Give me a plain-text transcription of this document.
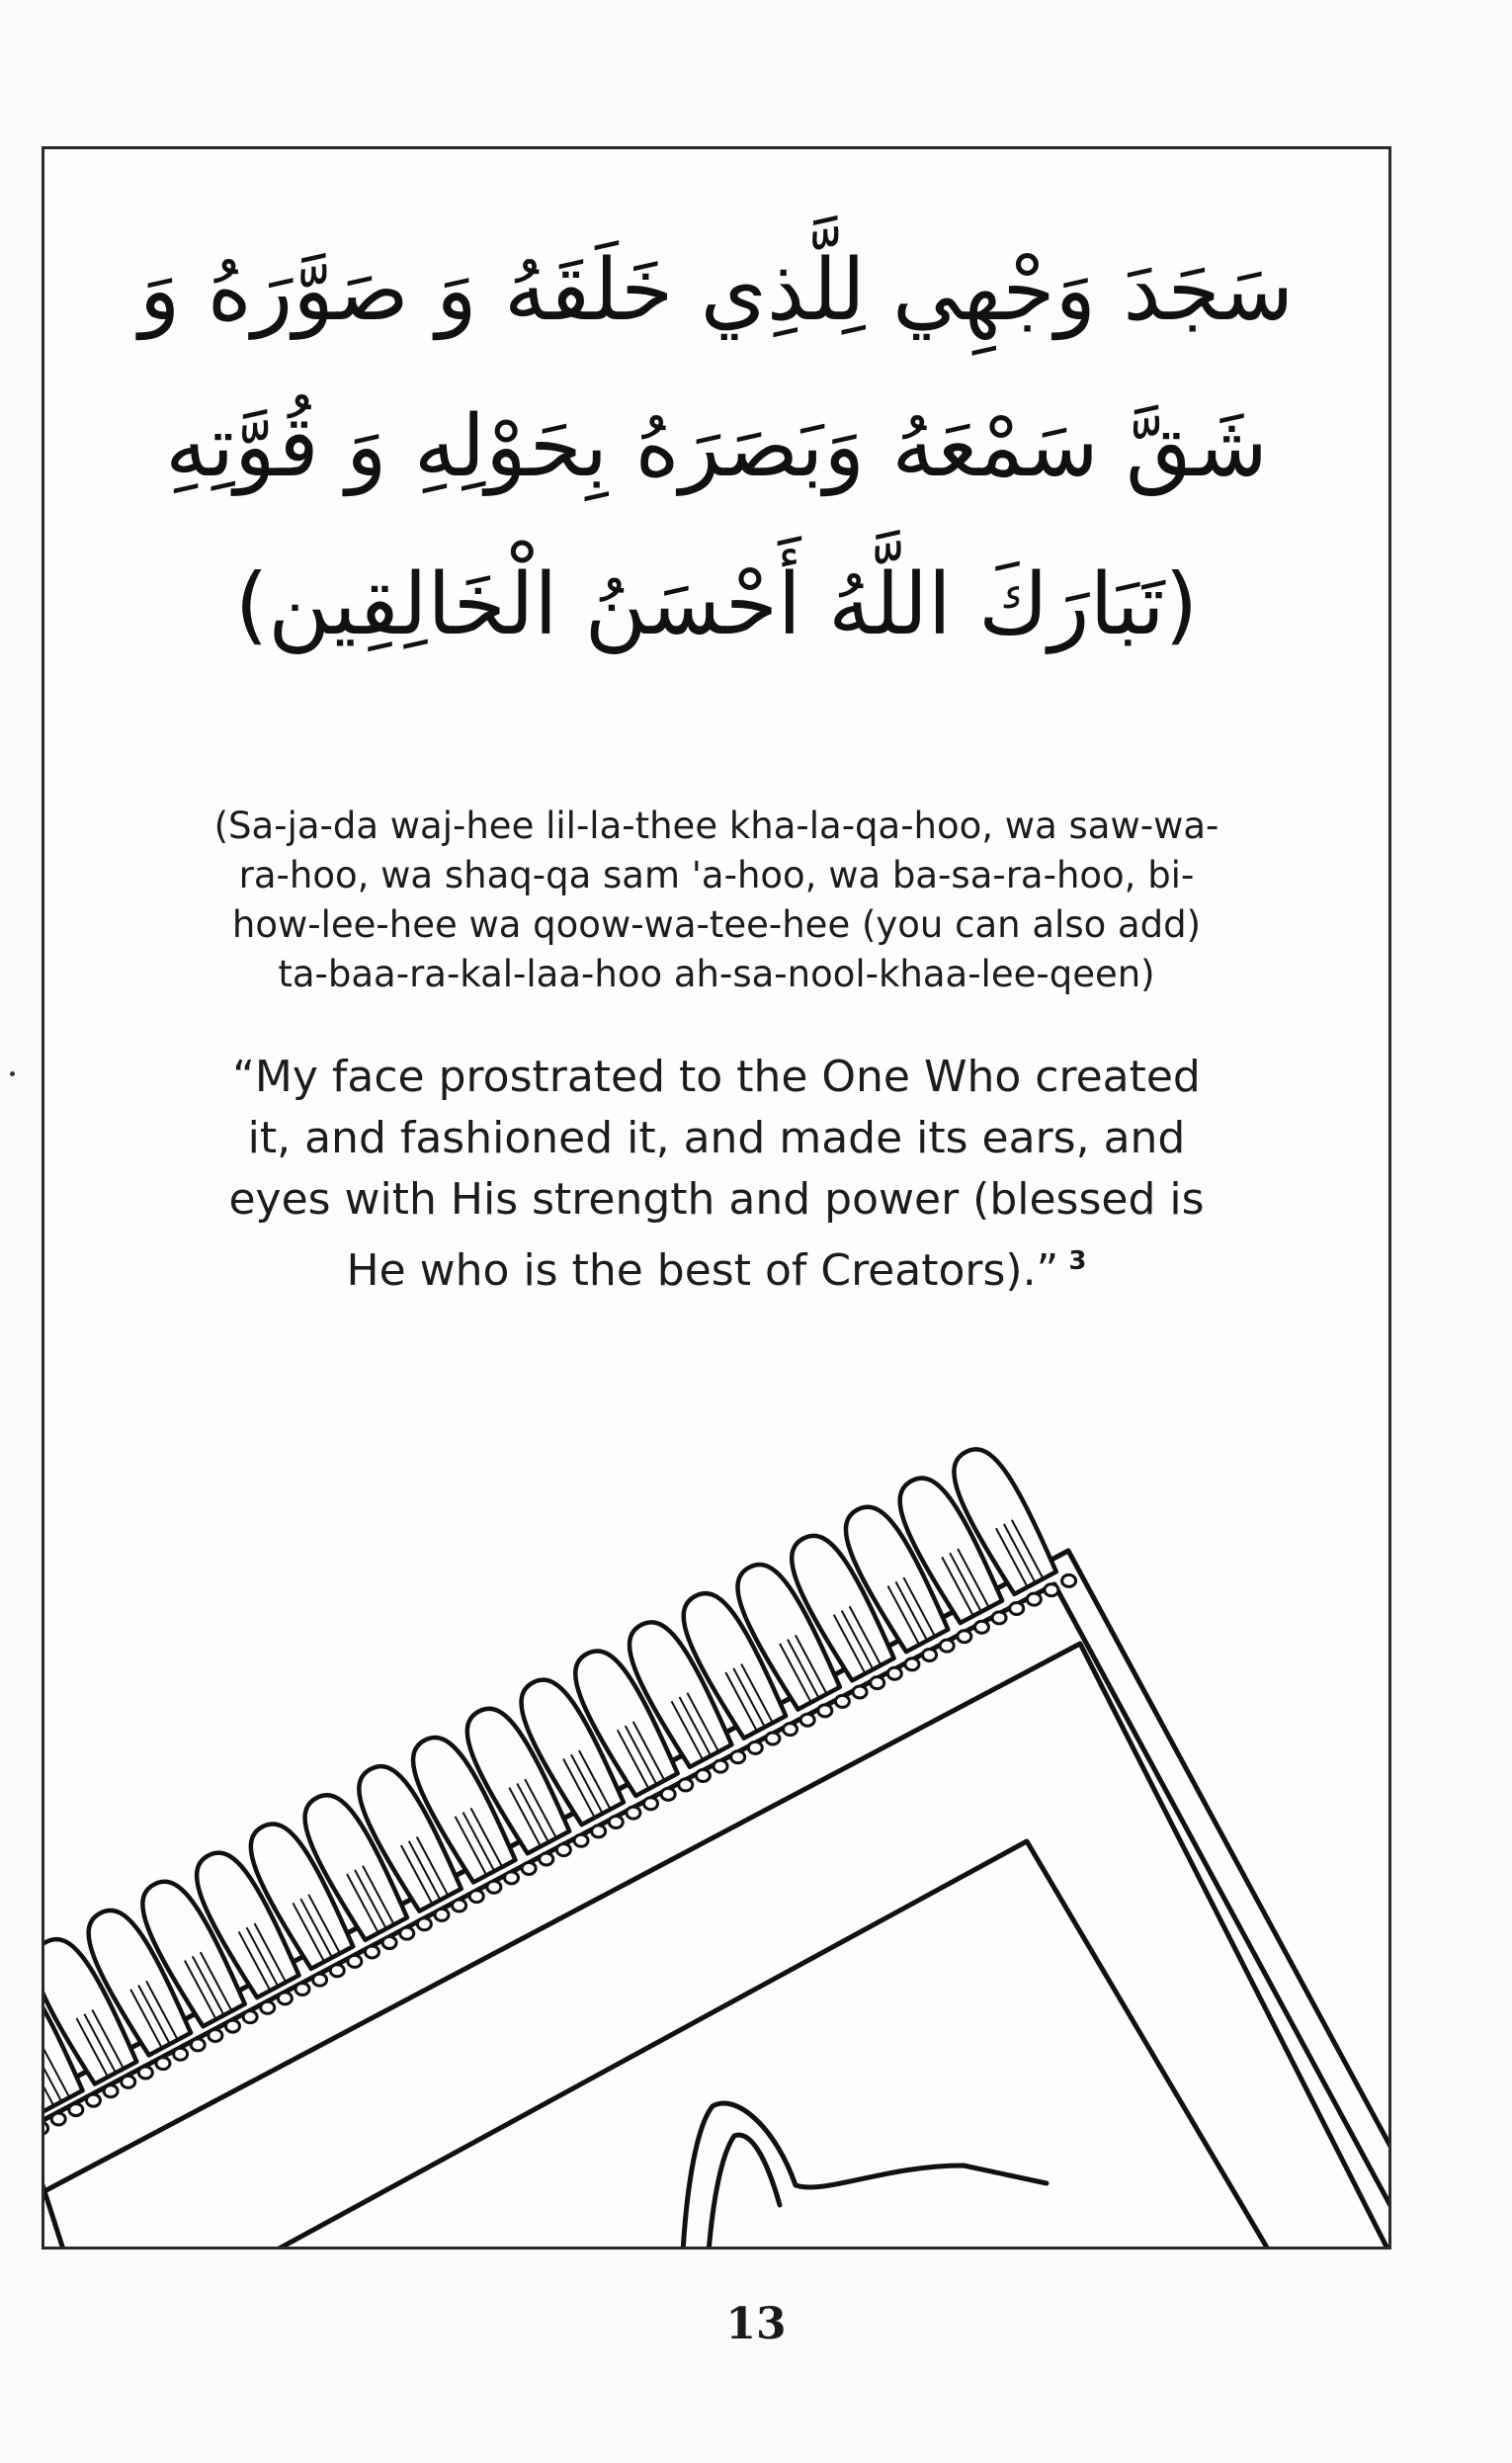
سَجَدَ وَجْهِي لِلَّذِي خَلَقَهُ وَ صَوَّرَهُ وَ
شَقَّ سَمْعَهُ وَبَصَرَهُ بِحَوْلِهِ وَ قُوَّتِهِ
(تَبَارَكَ اللَّهُ أَحْسَنُ الْخَالِقِين)
(Sa-ja-da waj-hee lil-la-thee kha-la-qa-hoo, wa saw-wa-
ra-hoo, wa shaq-qa sam 'a-hoo, wa ba-sa-ra-hoo, bi-
how-lee-hee wa qoow-wa-tee-hee (you can also add)
ta-baa-ra-kal-laa-hoo ah-sa-nool-khaa-lee-qeen)
“My face prostrated to the One Who created
it, and fashioned it, and made its ears, and
eyes with His strength and power (blessed is
He who is the best of Creators).” $^3$
13
